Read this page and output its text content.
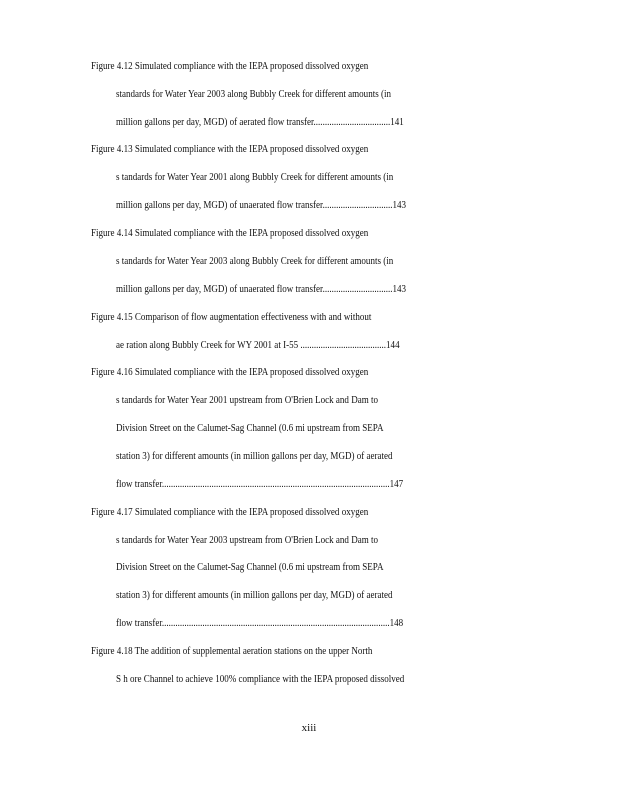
Figure 4.12 Simulated compliance with the IEPA proposed dissolved oxygen
standards for Water Year 2003 along Bubbly Creek for different amounts (in
million gallons per day, MGD) of aerated flow transfer..................................141
Figure 4.13 Simulated compliance with the IEPA proposed dissolved oxygen
s tandards for Water Year 2001 along Bubbly Creek for different amounts (in
million gallons per day, MGD) of unaerated flow transfer...............................143
Figure 4.14 Simulated compliance with the IEPA proposed dissolved oxygen
s tandards for Water Year 2003 along Bubbly Creek for different amounts (in
million gallons per day, MGD) of unaerated flow transfer...............................143
Figure 4.15 Comparison of flow augmentation effectiveness with and without
ae ration along Bubbly Creek for WY 2001 at I-55 ......................................144
Figure 4.16 Simulated compliance with the IEPA proposed dissolved oxygen
s tandards for Water Year 2001 upstream from O'Brien Lock and Dam to
Division Street on the Calumet-Sag Channel (0.6 mi upstream from SEPA
station 3) for different amounts (in million gallons per day, MGD) of aerated
flow transfer.....................................................................................................147
Figure 4.17 Simulated compliance with the IEPA proposed dissolved oxygen
s tandards for Water Year 2003 upstream from O'Brien Lock and Dam to
Division Street on the Calumet-Sag Channel (0.6 mi upstream from SEPA
station 3) for different amounts (in million gallons per day, MGD) of aerated
flow transfer.....................................................................................................148
Figure 4.18 The addition of supplemental aeration stations on the upper North
S h ore Channel to achieve 100% compliance with the IEPA proposed dissolved
xiii
